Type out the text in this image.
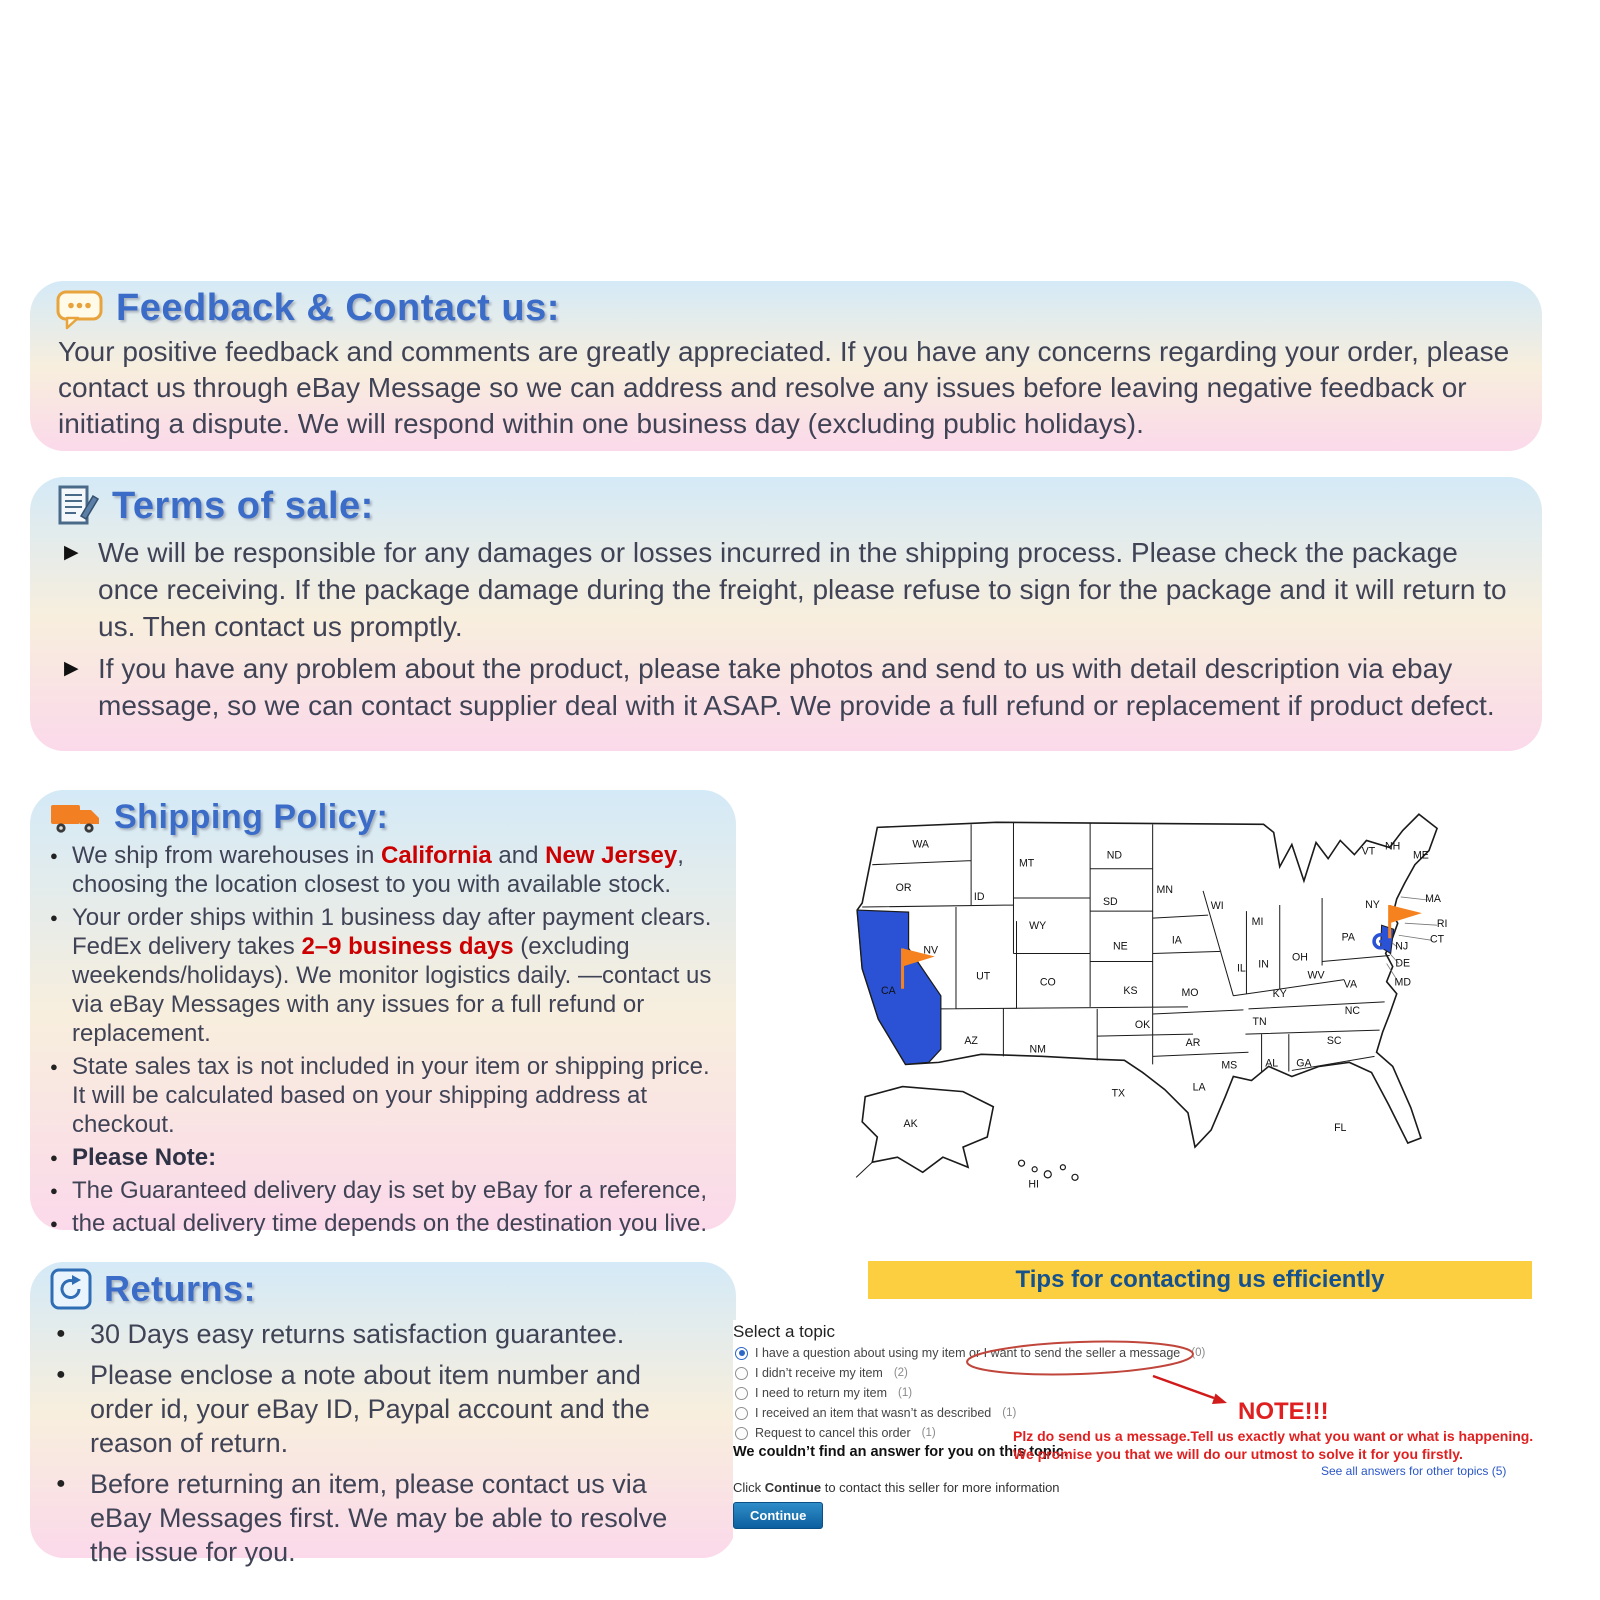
Feedback & Contact us:

Your positive feedback and comments are greatly appreciated. If you have any concerns regarding your order, please contact us through eBay Message so we can address and resolve any issues before leaving negative feedback or initiating a dispute. We will respond within one business day (excluding public holidays).

Terms of sale:
▶ We will be responsible for any damages or losses incurred in the shipping process. Please check the package once receiving. If the package damage during the freight, please refuse to sign for the package and it will return to us. Then contact us promptly.
▶ If you have any problem about the product, please take photos and send to us with detail description via ebay message, so we can contact supplier deal with it ASAP. We provide a full refund or replacement if product defect.
Shipping Policy:
● We ship from warehouses in California and New Jersey, choosing the location closest to you with available stock.
● Your order ships within 1 business day after payment clears. FedEx delivery takes 2–9 business days (excluding weekends/holidays). We monitor logistics daily. —contact us via eBay Messages with any issues for a full refund or replacement.
● State sales tax is not included in your item or shipping price. It will be calculated based on your shipping address at checkout.
● Please Note:
● The Guaranteed delivery day is set by eBay for a reference,
● the actual delivery time depends on the destination you live.
WA
OR
ID
MT
ND
MN
WI
MI
SD
WY
NV
UT
CO
NE
IA
IL IN
OH
PA
NY
KS	MO	KY
WV
VA
CA
AZ
NM
OK
AR
TN
NC
SC
MS	AL GA
TX
LA
FL
AK
HI
VT NH
ME
MA
RI
CT
NJ
DE
MD
Returns:
● 30 Days easy returns satisfaction guarantee.
● Please enclose a note about item number and order id, your eBay ID, Paypal account and the reason of return.
● Before returning an item, please contact us via eBay Messages first. We may be able to resolve the issue for you.
Tips for contacting us efficiently
Select a topic
I have a question about using my item or I want to send the seller a message (0)
I didn’t receive my item (2)
I need to return my item (1)
I received an item that wasn’t as described (1)
Request to cancel this order (1)
We couldn’t find an answer for you on this topic.
Click Continue to contact this seller for more information
Continue
NOTE!!!
Plz do send us a message.Tell us exactly what you want or what is happening.
We promise you that we will do our utmost to solve it for you firstly.
See all answers for other topics (5)
